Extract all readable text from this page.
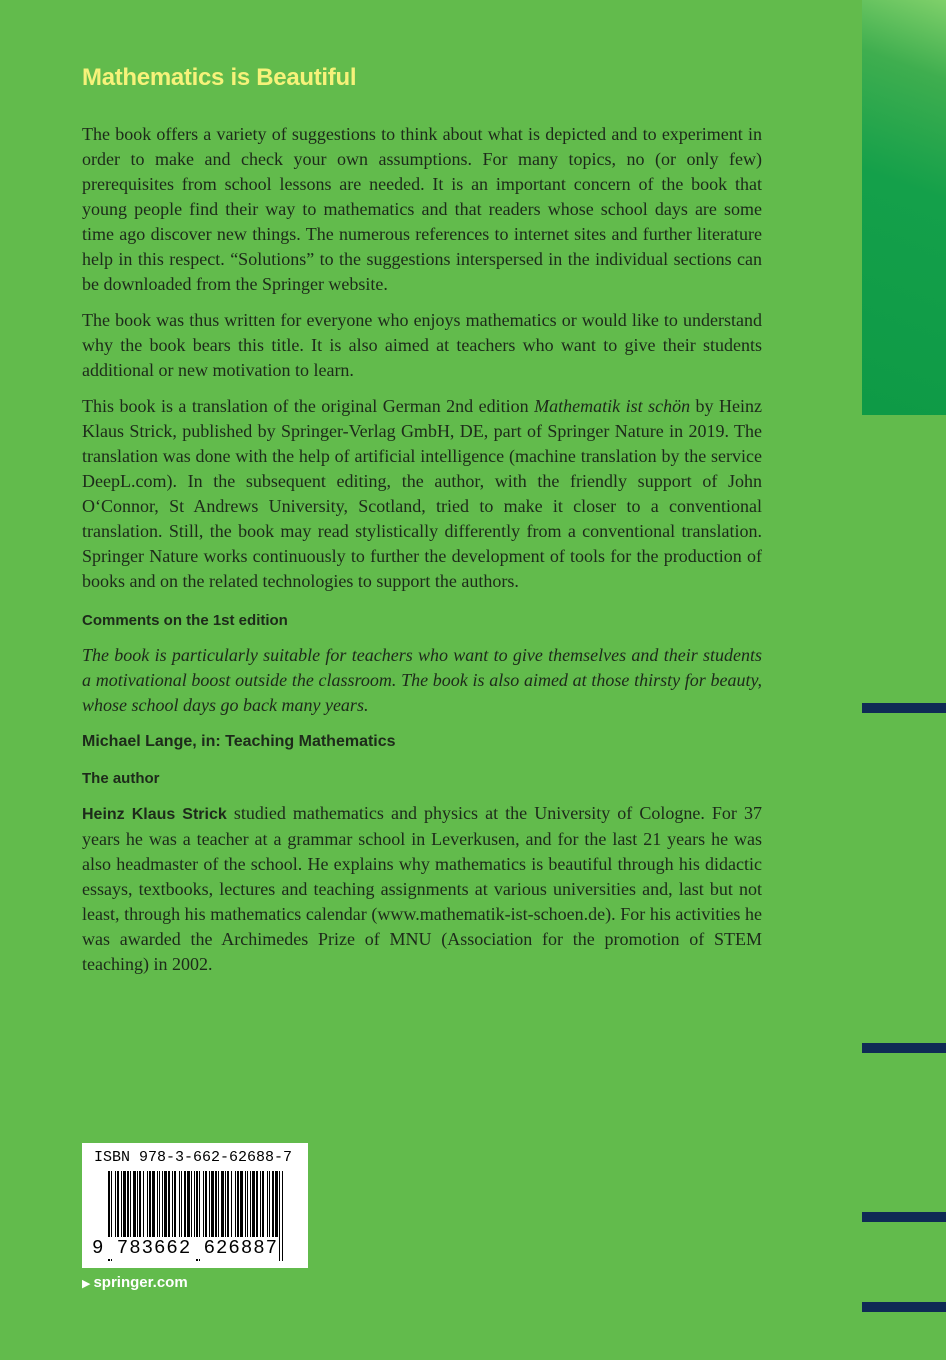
Mathematics is Beautiful

The book offers a variety of suggestions to think about what is depicted and to experiment in order to make and check your own assumptions. For many topics, no (or only few) prerequisites from school lessons are needed. It is an important concern of the book that young people find their way to mathematics and that readers whose school days are some time ago discover new things. The numerous references to internet sites and further literature help in this respect. “Solutions” to the suggestions interspersed in the individual sections can be downloaded from the Springer website.

The book was thus written for everyone who enjoys mathematics or would like to understand why the book bears this title. It is also aimed at teachers who want to give their students additional or new motivation to learn.

This book is a translation of the original German 2nd edition Mathematik ist schön by Heinz Klaus Strick, published by Springer-Verlag GmbH, DE, part of Springer Nature in 2019. The translation was done with the help of artificial intelligence (machine translation by the service DeepL.com). In the subsequent editing, the author, with the friendly support of John O‘Connor, St Andrews University, Scotland, tried to make it closer to a conventional translation. Still, the book may read stylistically differently from a conventional translation. Springer Nature works continuously to further the development of tools for the production of books and on the related technologies to support the authors.

Comments on the 1st edition

The book is particularly suitable for teachers who want to give themselves and their students a motivational boost outside the classroom. The book is also aimed at those thirsty for beauty, whose school days go back many years.

Michael Lange, in: Teaching Mathematics

The author

Heinz Klaus Strick studied mathematics and physics at the University of Cologne. For 37 years he was a teacher at a grammar school in Leverkusen, and for the last 21 years he was also headmaster of the school. He explains why mathematics is beautiful through his didactic essays, textbooks, lectures and teaching assignments at various universities and, last but not least, through his mathematics calendar (www.mathematik-ist-schoen.de). For his activities he was awarded the Archimedes Prize of MNU (Association for the promotion of STEM teaching) in 2002.

ISBN 978-3-662-62688-7
9 783662 626887
▶ springer.com
